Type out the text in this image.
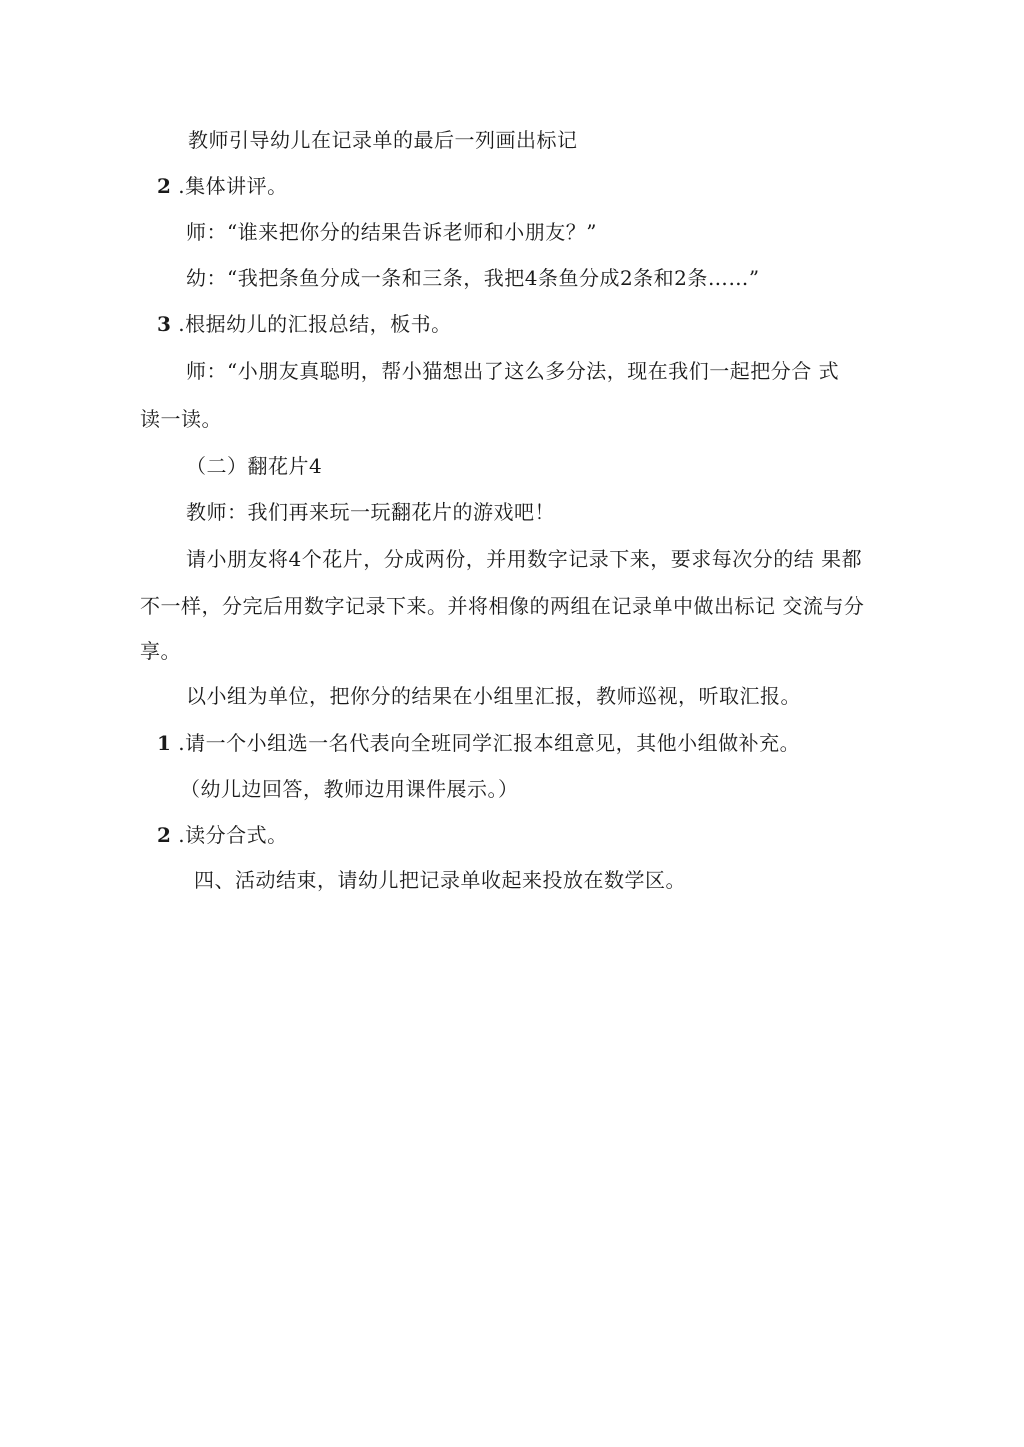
教师引导幼儿在记录单的最后一列画出标记
2 .集体讲评。
师：“谁来把你分的结果告诉老师和小朋友？”
幼：“我把条鱼分成一条和三条，我把4条鱼分成2条和2条……”
3 .根据幼儿的汇报总结，板书。
师：“小朋友真聪明，帮小猫想出了这么多分法，现在我们一起把分合 式
读一读。
（二）翻花片4
教师：我们再来玩一玩翻花片的游戏吧！
请小朋友将4个花片，分成两份，并用数字记录下来，要求每次分的结 果都
不一样，分完后用数字记录下来。并将相像的两组在记录单中做出标记 交流与分
享。
以小组为单位，把你分的结果在小组里汇报，教师巡视，听取汇报。
1 .请一个小组选一名代表向全班同学汇报本组意见，其他小组做补充。
（幼儿边回答，教师边用课件展示。）
2 .读分合式。
四、活动结束，请幼儿把记录单收起来投放在数学区。
